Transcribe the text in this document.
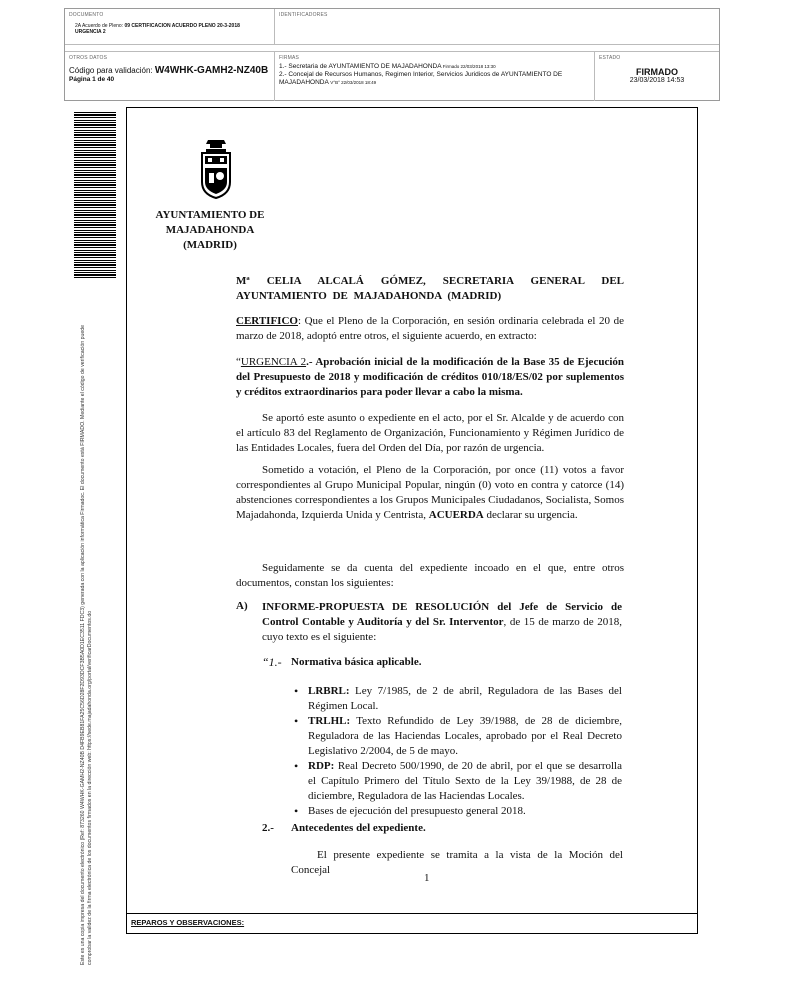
DOCUMENTO
2A Acuerdo de Pleno: 09 CERTIFICACION ACUERDO PLENO 20-3-2018
URGENCIA 2
IDENTIFICADORES
OTROS DATOS
Código para validación: W4WHK-GAMH2-NZ40B
Página 1 de 40
FIRMAS
1.- Secretaria de AYUNTAMIENTO DE MAJADAHONDA Firmado 22/03/2018 13:30
2.- Concejal de Recursos Humanos, Regimen Interior, Servicios Juridicos de AYUNTAMIENTO DE
MAJADAHONDA V°B° 22/03/2018 18:49
ESTADO
FIRMADO
23/03/2018 14:53
Este es una copia impresa del documento electrónico (Ref: 873260 W4WHK-GAMH2-NZ40B D4FB9EB81FA25C56D28F2D93DCF3B5A0D1EC3511 FDC3) generada con la aplicación informática Firmadoc. El documento está FIRMADO. Mediante el código de verificación puede comprobar la validez de la firma electrónica de los documentos firmados en la dirección web: https://sede.majadahonda.org/portal/verificarDocumentos.do
AYUNTAMIENTO DE
MAJADAHONDA
(MADRID)
Mª CELIA ALCALÁ GÓMEZ, SECRETARIA GENERAL DEL AYUNTAMIENTO DE MAJADAHONDA (MADRID)
CERTIFICO: Que el Pleno de la Corporación, en sesión ordinaria celebrada el 20 de marzo de 2018, adoptó entre otros, el siguiente acuerdo, en extracto:
“URGENCIA 2.- Aprobación inicial de la modificación de la Base 35 de Ejecución del Presupuesto de 2018 y modificación de créditos 010/18/ES/02 por suplementos y créditos extraordinarios para poder llevar a cabo la misma.
Se aportó este asunto o expediente en el acto, por el Sr. Alcalde y de acuerdo con el artículo 83 del Reglamento de Organización, Funcionamiento y Régimen Jurídico de las Entidades Locales, fuera del Orden del Día, por razón de urgencia.
Sometido a votación, el Pleno de la Corporación, por once (11) votos a favor correspondientes al Grupo Municipal Popular, ningún (0) voto en contra y catorce (14) abstenciones correspondientes a los Grupos Municipales Ciudadanos, Socialista, Somos Majadahonda, Izquierda Unida y Centrista, ACUERDA declarar su urgencia.
Seguidamente se da cuenta del expediente incoado en el que, entre otros documentos, constan los siguientes:
A) INFORME-PROPUESTA DE RESOLUCIÓN del Jefe de Servicio de Control Contable y Auditoría y del Sr. Interventor, de 15 de marzo de 2018, cuyo texto es el siguiente:
“1.- Normativa básica aplicable.
• LRBRL: Ley 7/1985, de 2 de abril, Reguladora de las Bases del Régimen Local.
• TRLHL: Texto Refundido de Ley 39/1988, de 28 de diciembre, Reguladora de las Haciendas Locales, aprobado por el Real Decreto Legislativo 2/2004, de 5 de mayo.
• RDP: Real Decreto 500/1990, de 20 de abril, por el que se desarrolla el Capítulo Primero del Título Sexto de la Ley 39/1988, de 28 de diciembre, Reguladora de las Haciendas Locales.
• Bases de ejecución del presupuesto general 2018.
2.- Antecedentes del expediente.
El presente expediente se tramita a la vista de la Moción del Concejal
1
REPAROS Y OBSERVACIONES:
